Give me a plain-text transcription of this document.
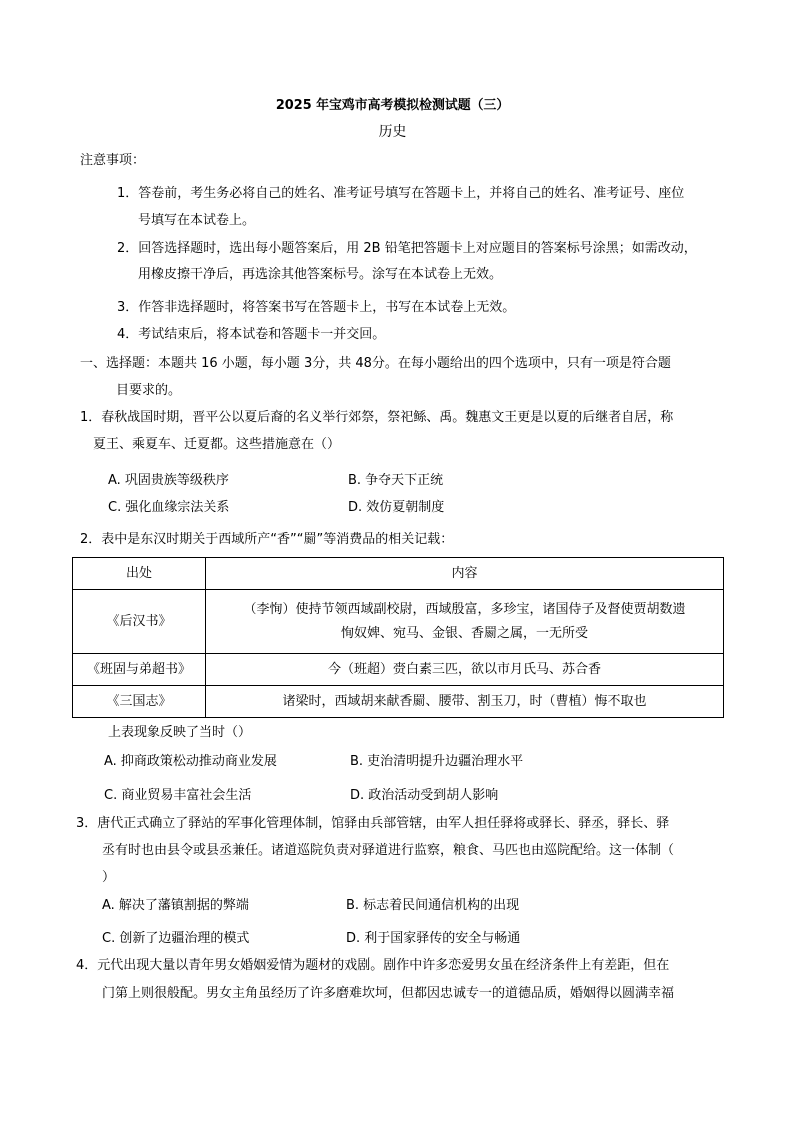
2025 年宝鸡市高考模拟检测试题（三）
历史
注意事项：
1．答卷前，考生务必将自己的姓名、准考证号填写在答题卡上，并将自己的姓名、准考证号、座位
号填写在本试卷上。
2．回答选择题时，选出每小题答案后，用 2B 铅笔把答题卡上对应题目的答案标号涂黑；如需改动，
用橡皮擦干净后，再选涂其他答案标号。涂写在本试卷上无效。
3．作答非选择题时，将答案书写在答题卡上，书写在本试卷上无效。
4．考试结束后，将本试卷和答题卡一并交回。
一、选择题：本题共 16 小题，每小题 3分，共 48分。在每小题给出的四个选项中，只有一项是符合题
目要求的。
1．春秋战国时期，晋平公以夏后裔的名义举行郊祭，祭祀鲧、禹。魏惠文王更是以夏的后继者自居，称
夏王、乘夏车、迁夏都。这些措施意在（）
A. 巩固贵族等级秩序	B. 争夺天下正统
C. 强化血缘宗法关系	D. 效仿夏朝制度
2．表中是东汉时期关于西域所产“香”“罽”等消费品的相关记载：
出处	内容
《后汉书》	（李恂）使持节领西域副校尉，西域殷富，多珍宝，诸国侍子及督使贾胡数遗
恂奴婢、宛马、金银、香罽之属，一无所受

《班固与弟超书》	今（班超）赍白素三匹，欲以市月氏马、苏合香
《三国志》	诸梁时，西域胡来献香罽、腰带、割玉刀，时（曹植）悔不取也
上表现象反映了当时（）
A. 抑商政策松动推动商业发展	B. 吏治清明提升边疆治理水平
C. 商业贸易丰富社会生活	D. 政治活动受到胡人影响
3．唐代正式确立了驿站的军事化管理体制，馆驿由兵部管辖，由军人担任驿将或驿长、驿丞，驿长、驿
丞有时也由县令或县丞兼任。诸道巡院负责对驿道进行监察，粮食、马匹也由巡院配给。这一体制（
）
A. 解决了藩镇割据的弊端	B. 标志着民间通信机构的出现
C. 创新了边疆治理的模式	D. 利于国家驿传的安全与畅通
4．元代出现大量以青年男女婚姻爱情为题材的戏剧。剧作中许多恋爱男女虽在经济条件上有差距，但在
门第上则很般配。男女主角虽经历了许多磨难坎坷，但都因忠诚专一的道德品质，婚姻得以圆满幸福
